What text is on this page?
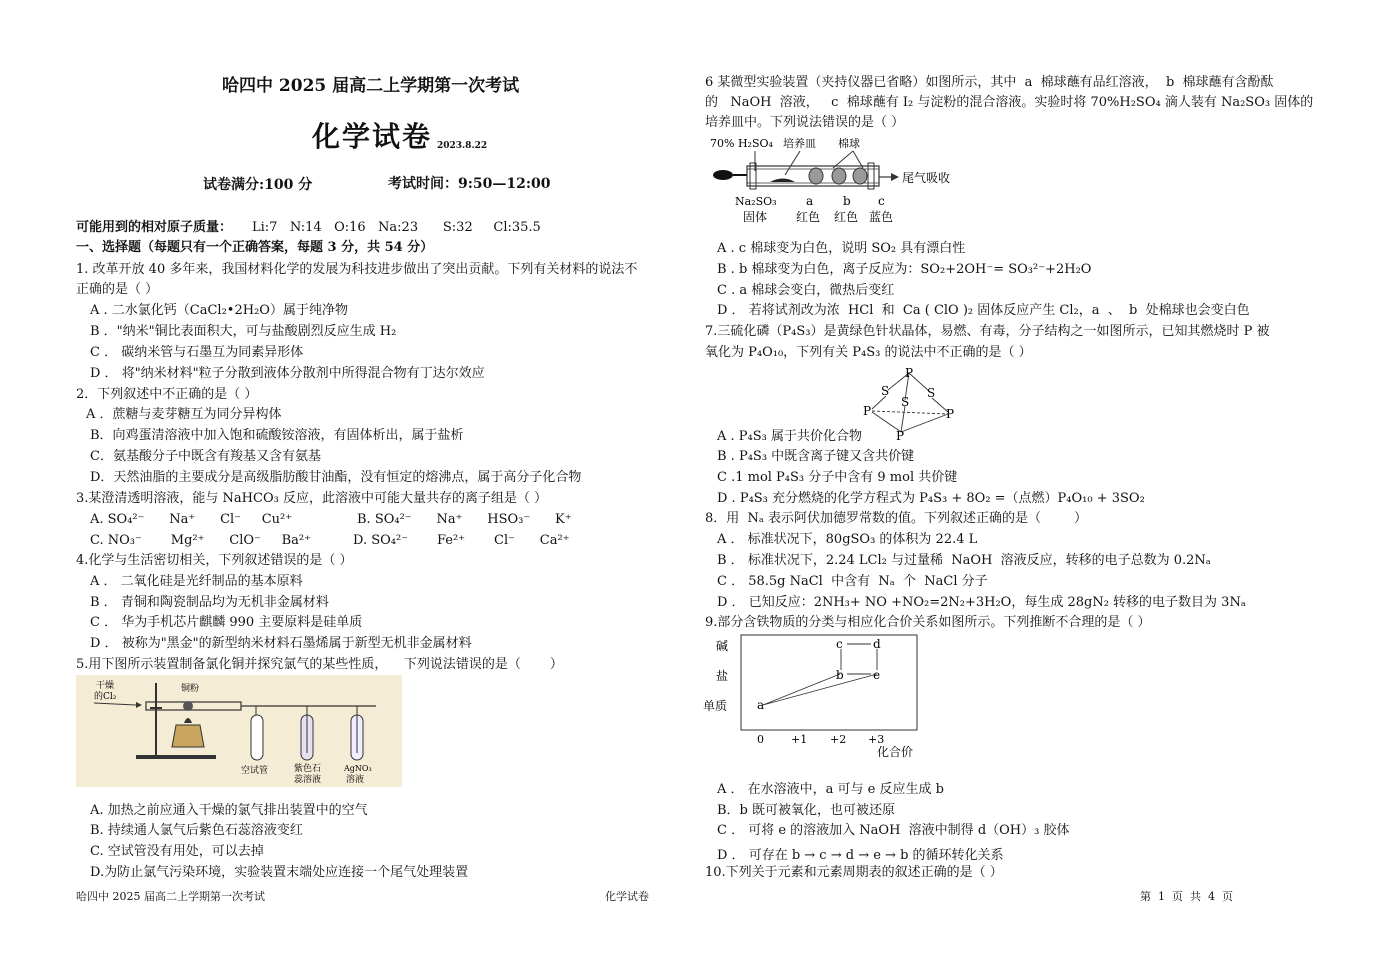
哈四中 2025 届高二上学期第一次考试
化学试卷 2023.8.22
试卷满分:100 分	考试时间：9:50—12:00
可能用到的相对原子质量： Li:7   N:14   O:16   Na:23      S:32     Cl:35.5
一、选择题（每题只有一个正确答案，每题 3 分，共 54 分）
1. 改革开放 40 多年来，我国材料化学的发展为科技进步做出了突出贡献。下列有关材料的说法不
正确的是（ ）
A . 二水氯化钙（CaCl₂•2H₂O）属于纯净物
B ．"纳米"铜比表面积大，可与盐酸剧烈反应生成 H₂
C ． 碳纳米管与石墨互为同素异形体
D ． 将"纳米材料"粒子分散到液体分散剂中所得混合物有丁达尔效应
2．下列叙述中不正确的是（ ）
A ．蔗糖与麦芽糖互为同分异构体
B．向鸡蛋清溶液中加入饱和硫酸铵溶液，有固体析出，属于盐析
C．氨基酸分子中既含有羧基又含有氨基
D．天然油脂的主要成分是高级脂肪酸甘油酯，没有恒定的熔沸点，属于高分子化合物
3.某澄清透明溶液，能与 NaHCO₃ 反应，此溶液中可能大量共存的离子组是（ ）
A. SO₄²⁻      Na⁺      Cl⁻     Cu²⁺	B. SO₄²⁻      Na⁺      HSO₃⁻      K⁺
C. NO₃⁻       Mg²⁺      ClO⁻     Ba²⁺	D. SO₄²⁻       Fe²⁺       Cl⁻      Ca²⁺
4.化学与生活密切相关，下列叙述错误的是（ ）
A ． 二氧化硅是光纤制品的基本原料
B ． 青铜和陶瓷制品均为无机非金属材料
C ． 华为手机芯片麒麟 990 主要原料是硅单质
D ． 被称为"黑金"的新型纳米材料石墨烯属于新型无机非金属材料
5.用下图所示装置制备氯化铜并探究氯气的某些性质，    下列说法错误的是（       ）
干燥
的Cl₂
铜粉
空试管	紫色石
蕊溶液
AgNO₃
溶液
A. 加热之前应通入干燥的氯气排出装置中的空气
B. 持续通人氯气后紫色石蕊溶液变红
C. 空试管没有用处，可以去掉
D.为防止氯气污染环境，实验装置末端处应连接一个尾气处理装置
6 某微型实验装置（夹持仪器已省略）如图所示，其中  a  棉球蘸有品红溶液，  b  棉球蘸有含酚酞
的   NaOH  溶液，   c  棉球蘸有 I₂ 与淀粉的混合溶液。实验时将 70%H₂SO₄ 滴人装有 Na₂SO₃ 固体的
培养皿中。下列说法错误的是（ ）
70% H₂SO₄ 培养皿 棉球
尾气吸收
Na₂SO₃
固体
a b c
红色 红色 蓝色
A . c 棉球变为白色，说明 SO₂ 具有漂白性
B . b 棉球变为白色，离子反应为：SO₂+2OH⁻= SO₃²⁻+2H₂O
C . a 棉球会变白，微热后变红
D ． 若将试剂改为浓  HCl  和  Ca ( ClO )₂ 固体反应产生 Cl₂，a  、  b  处棉球也会变白色
7.三硫化磷（P₄S₃）是黄绿色针状晶体，易燃、有毒，分子结构之一如图所示，已知其燃烧时 P 被
氧化为 P₄O₁₀，下列有关 P₄S₃ 的说法中不正确的是（ ）
P
S
S
S
P	P
P
A . P₄S₃ 属于共价化合物
B . P₄S₃ 中既含离子键又含共价键
C .1 mol P₄S₃ 分子中含有 9 mol 共价键
D . P₄S₃ 充分燃烧的化学方程式为 P₄S₃ + 8O₂ =（点燃）P₄O₁₀ + 3SO₂
8．用  Nₐ 表示阿伏加德罗常数的值。下列叙述正确的是（        ）
A ． 标准状况下，80gSO₃ 的体积为 22.4 L
B ． 标准状况下，2.24 LCl₂ 与过量稀  NaOH  溶液反应，转移的电子总数为 0.2Nₐ
C ． 58.5g NaCl  中含有  Nₐ  个  NaCl 分子
D ． 已知反应：2NH₃+ NO +NO₂=2N₂+3H₂O，每生成 28gN₂ 转移的电子数目为 3Nₐ
9.部分含铁物质的分类与相应化合价关系如图所示。下列推断不合理的是（ ）
碱
盐
单质 a
b
c	d
e
0 +1 +2 +3
化合价
A ． 在水溶液中，a 可与 e 反应生成 b
B．b 既可被氧化，也可被还原
C ． 可将 e 的溶液加入 NaOH  溶液中制得 d（OH）₃ 胶体
D ． 可存在 b → c → d → e → b 的循环转化关系
10.下列关于元素和元素周期表的叙述正确的是（ ）
哈四中 2025 届高二上学期第一次考试	化学试卷	第  1  页  共  4  页
